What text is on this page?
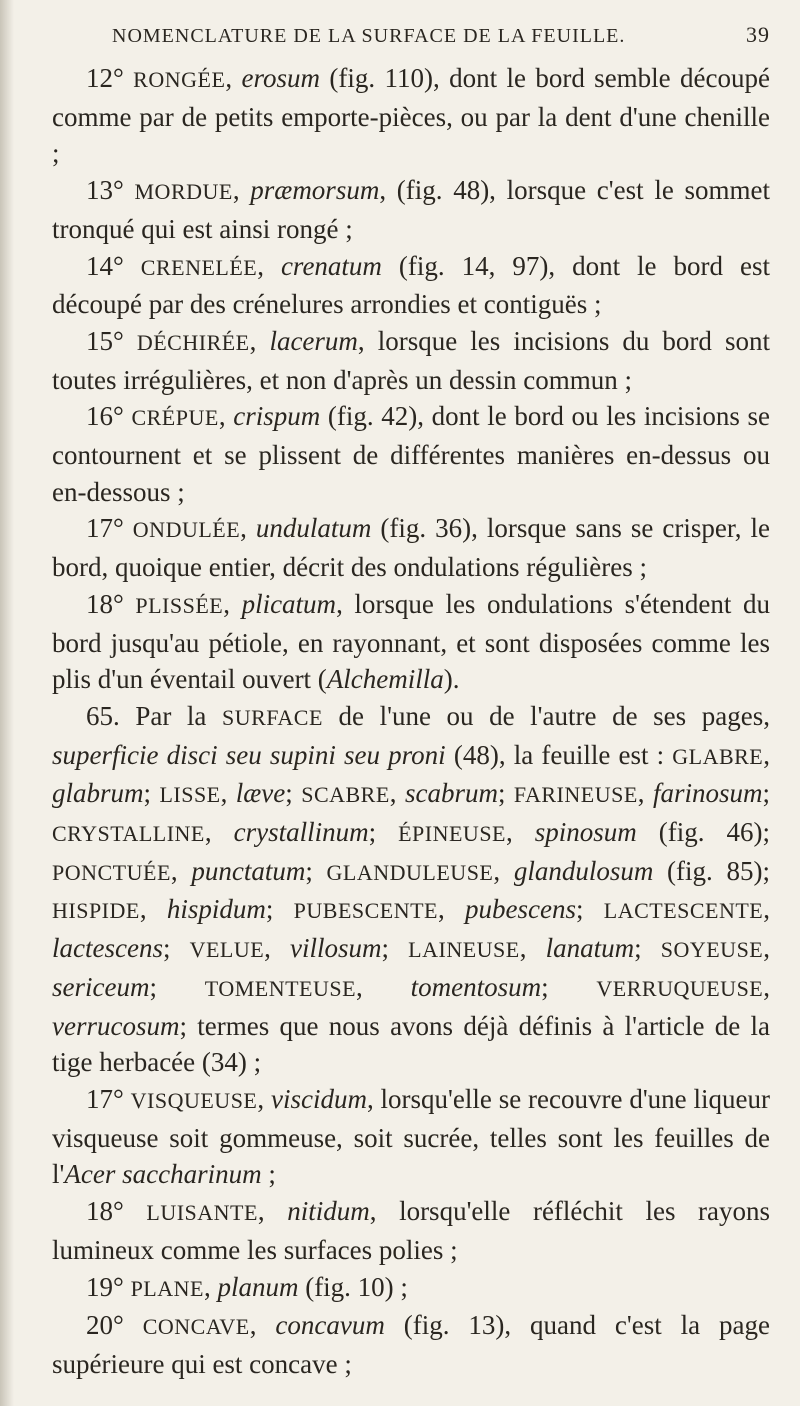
NOMENCLATURE DE LA SURFACE DE LA FEUILLE.	39

12° RONGÉE, erosum (fig. 110), dont le bord semble découpé comme par de petits emporte-pièces, ou par la dent d'une chenille ;

13° MORDUE, præmorsum, (fig. 48), lorsque c'est le sommet tronqué qui est ainsi rongé ;

14° CRENELÉE, crenatum (fig. 14, 97), dont le bord est découpé par des crénelures arrondies et contiguës ;

15° DÉCHIRÉE, lacerum, lorsque les incisions du bord sont toutes irrégulières, et non d'après un dessin commun ;

16° CRÉPUE, crispum (fig. 42), dont le bord ou les incisions se contournent et se plissent de différentes manières en-dessus ou en-dessous ;

17° ONDULÉE, undulatum (fig. 36), lorsque sans se crisper, le bord, quoique entier, décrit des ondulations régulières ;

18° PLISSÉE, plicatum, lorsque les ondulations s'étendent du bord jusqu'au pétiole, en rayonnant, et sont disposées comme les plis d'un éventail ouvert (Alchemilla).

65. Par la SURFACE de l'une ou de l'autre de ses pages, superficie disci seu supini seu proni (48), la feuille est : GLABRE, glabrum; LISSE, læve; SCABRE, scabrum; FARINEUSE, farinosum; CRYSTALLINE, crystallinum; ÉPINEUSE, spinosum (fig. 46); PONCTUÉE, punctatum; GLANDULEUSE, glandulosum (fig. 85); HISPIDE, hispidum; PUBESCENTE, pubescens; LACTESCENTE, lactescens; VELUE, villosum; LAINEUSE, lanatum; SOYEUSE, sericeum; TOMENTEUSE, tomentosum; VERRUQUEUSE, verrucosum; termes que nous avons déjà définis à l'article de la tige herbacée (34) ;

17° VISQUEUSE, viscidum, lorsqu'elle se recouvre d'une liqueur visqueuse soit gommeuse, soit sucrée, telles sont les feuilles de l'Acer saccharinum ;

18° LUISANTE, nitidum, lorsqu'elle réfléchit les rayons lumineux comme les surfaces polies ;

19° PLANE, planum (fig. 10) ;

20° CONCAVE, concavum (fig. 13), quand c'est la page supérieure qui est concave ;
